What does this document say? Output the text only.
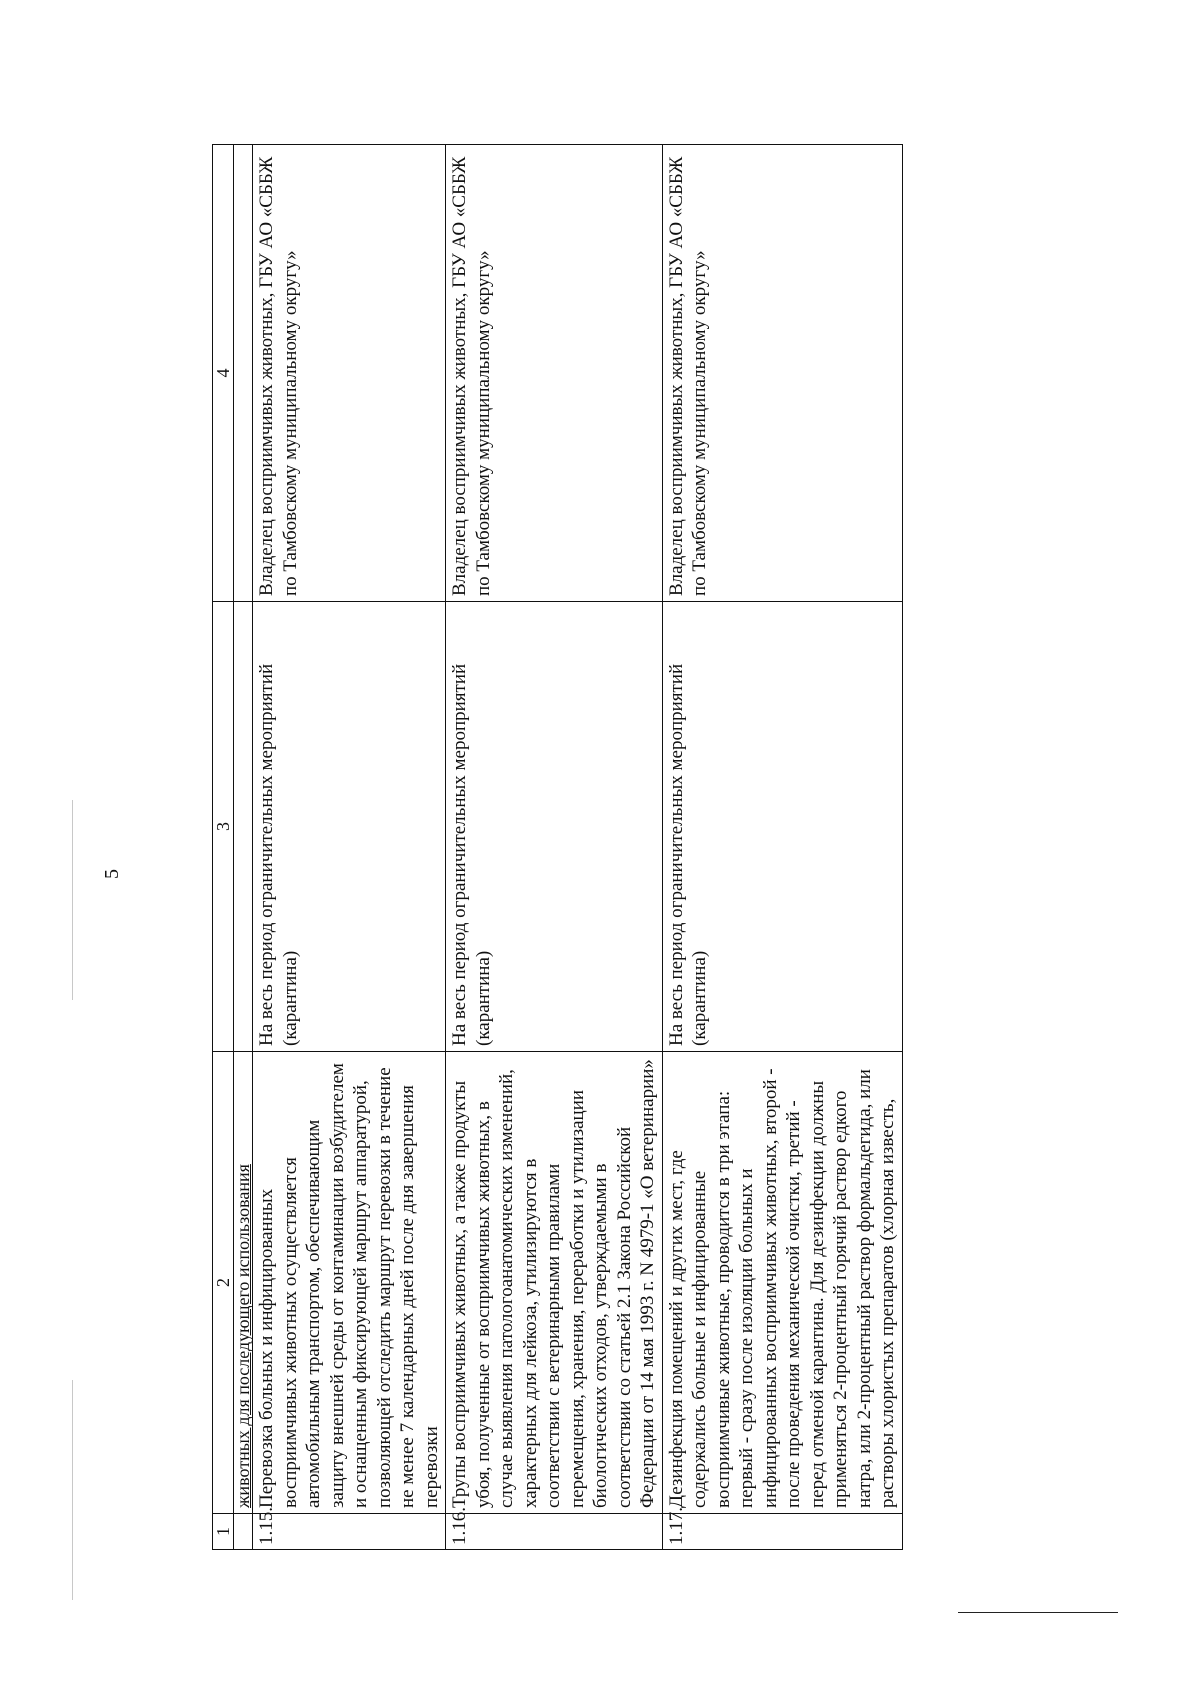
5
1	2	3	4
	животных для последующего использования		
1.15.	Перевозка больных и инфицированных восприимчивых животных осуществляется автомобильным транспортом, обеспечивающим защиту внешней среды от контаминации возбудителем и оснащенным фиксирующей маршрут аппаратурой, позволяющей отследить маршрут перевозки в течение не менее 7 календарных дней после дня завершения перевозки	На весь период ограничительных мероприятий (карантина)	Владелец восприимчивых животных, ГБУ АО «СББЖ по Тамбовскому муниципальному округу»
1.16.	Трупы восприимчивых животных, а также продукты убоя, полученные от восприимчивых животных, в случае выявления патологоанатомических изменений, характерных для лейкоза, утилизируются в соответствии с ветеринарными правилами перемещения, хранения, переработки и утилизации биологических отходов, утверждаемыми в соответствии со статьей 2.1 Закона Российской Федерации от 14 мая 1993 г. N 4979-1 «О ветеринарии»	На весь период ограничительных мероприятий (карантина)	Владелец восприимчивых животных, ГБУ АО «СББЖ по Тамбовскому муниципальному округу»
1.17.	Дезинфекция помещений и других мест, где содержались больные и инфицированные восприимчивые животные, проводится в три этапа: первый - сразу после изоляции больных и инфицированных восприимчивых животных, второй - после проведения механической очистки, третий - перед отменой карантина. Для дезинфекции должны применяться 2-процентный горячий раствор едкого натра, или 2-процентный раствор формальдегида, или растворы хлористых препаратов (хлорная известь,	На весь период ограничительных мероприятий (карантина)	Владелец восприимчивых животных, ГБУ АО «СББЖ по Тамбовскому муниципальному округу»
